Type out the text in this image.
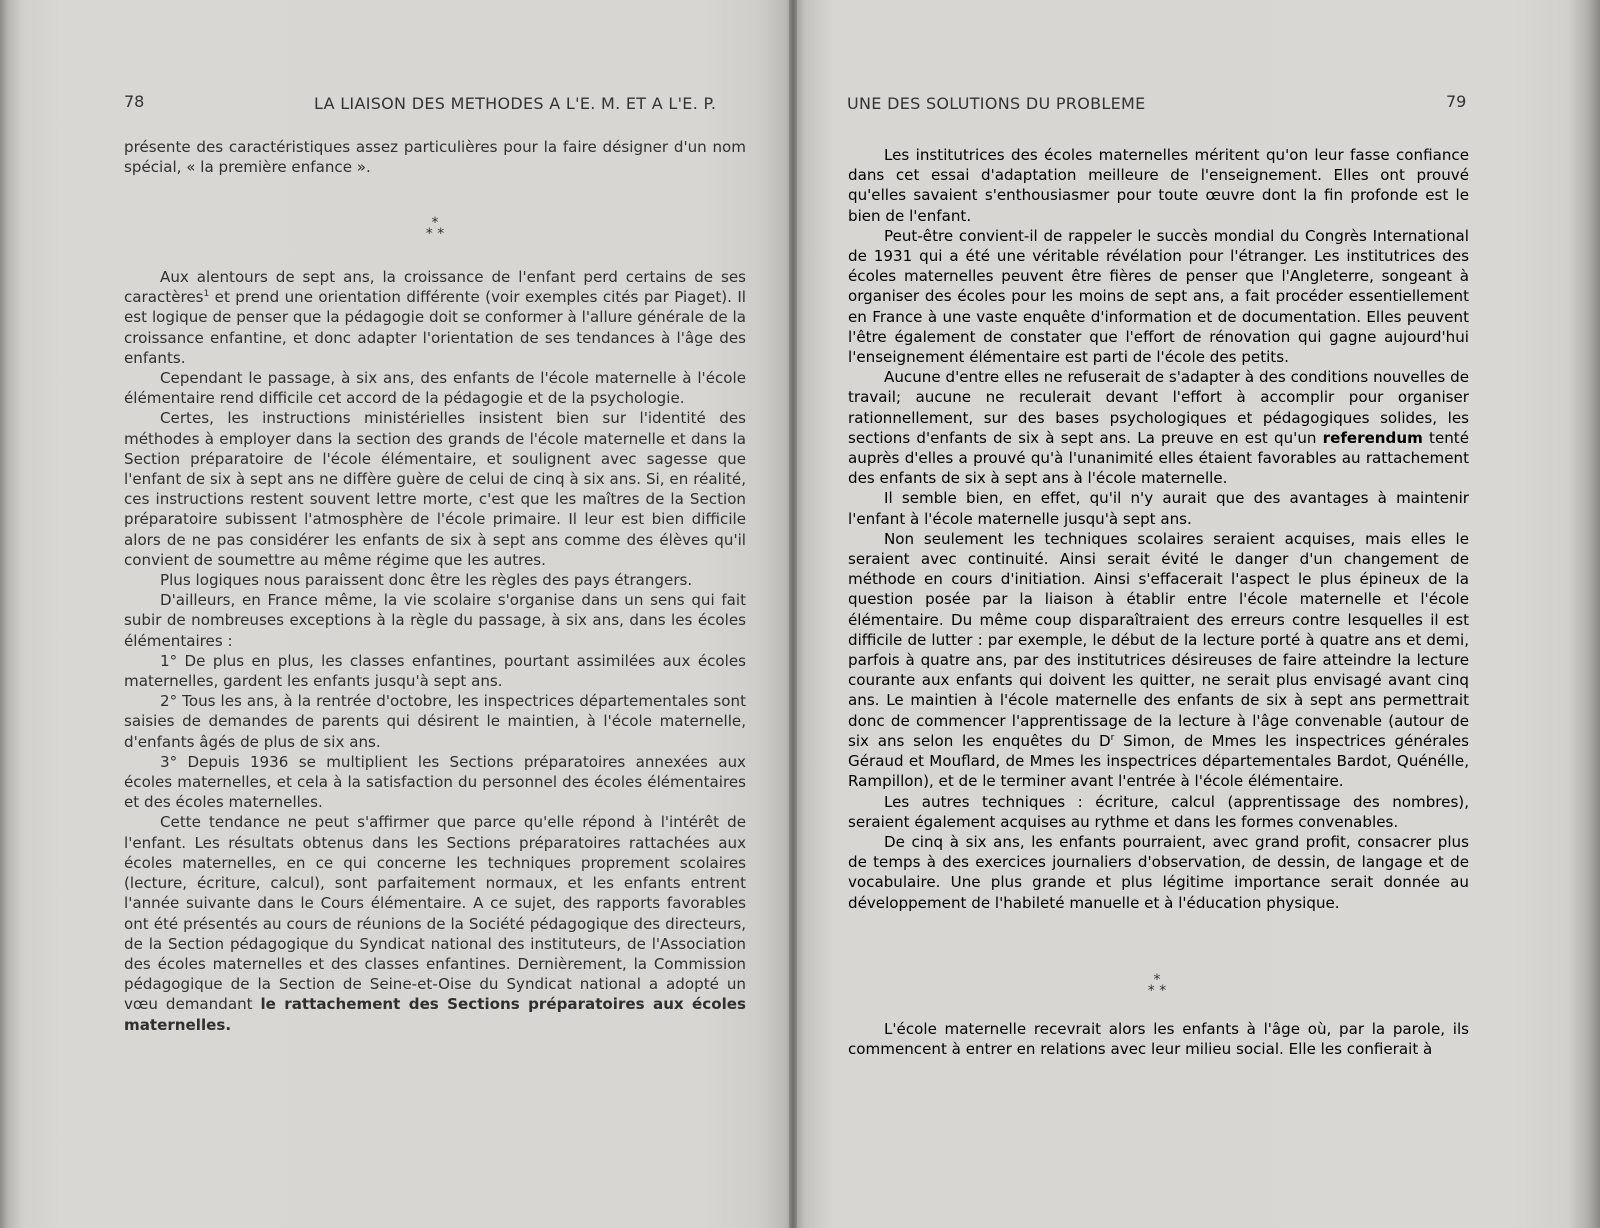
78	LA LIAISON DES METHODES A L'E. M. ET A L'E. P.

présente des caractéristiques assez particulières pour la faire désigner d'un nom spécial, « la première enfance ».

*
* *

Aux alentours de sept ans, la croissance de l'enfant perd certains de ses caractères$^1$ et prend une orientation différente (voir exemples cités par Piaget). Il est logique de penser que la pédagogie doit se conformer à l'allure générale de la croissance enfantine, et donc adapter l'orientation de ses tendances à l'âge des enfants.

Cependant le passage, à six ans, des enfants de l'école maternelle à l'école élémentaire rend difficile cet accord de la pédagogie et de la psychologie.

Certes, les instructions ministérielles insistent bien sur l'identité des méthodes à employer dans la section des grands de l'école maternelle et dans la Section préparatoire de l'école élémentaire, et soulignent avec sagesse que l'enfant de six à sept ans ne diffère guère de celui de cinq à six ans. Si, en réalité, ces instructions restent souvent lettre morte, c'est que les maîtres de la Section préparatoire subissent l'atmosphère de l'école primaire. Il leur est bien difficile alors de ne pas considérer les enfants de six à sept ans comme des élèves qu'il convient de soumettre au même régime que les autres.

Plus logiques nous paraissent donc être les règles des pays étrangers.

D'ailleurs, en France même, la vie scolaire s'organise dans un sens qui fait subir de nombreuses exceptions à la règle du passage, à six ans, dans les écoles élémentaires :

1° De plus en plus, les classes enfantines, pourtant assimilées aux écoles maternelles, gardent les enfants jusqu'à sept ans.

2° Tous les ans, à la rentrée d'octobre, les inspectrices départementales sont saisies de demandes de parents qui désirent le maintien, à l'école maternelle, d'enfants âgés de plus de six ans.

3° Depuis 1936 se multiplient les Sections préparatoires annexées aux écoles maternelles, et cela à la satisfaction du personnel des écoles élémentaires et des écoles maternelles.

Cette tendance ne peut s'affirmer que parce qu'elle répond à l'intérêt de l'enfant. Les résultats obtenus dans les Sections préparatoires rattachées aux écoles maternelles, en ce qui concerne les techniques proprement scolaires (lecture, écriture, calcul), sont parfaitement normaux, et les enfants entrent l'année suivante dans le Cours élémentaire. A ce sujet, des rapports favorables ont été présentés au cours de réunions de la Société pédagogique des directeurs, de la Section pédagogique du Syndicat national des instituteurs, de l'Association des écoles maternelles et des classes enfantines. Dernièrement, la Commission pédagogique de la Section de Seine-et-Oise du Syndicat national a adopté un vœu demandant le rattachement des Sections préparatoires aux écoles maternelles.

UNE DES SOLUTIONS DU PROBLEME	79

Les institutrices des écoles maternelles méritent qu'on leur fasse confiance dans cet essai d'adaptation meilleure de l'enseignement. Elles ont prouvé qu'elles savaient s'enthousiasmer pour toute œuvre dont la fin profonde est le bien de l'enfant.

Peut-être convient-il de rappeler le succès mondial du Congrès International de 1931 qui a été une véritable révélation pour l'étranger. Les institutrices des écoles maternelles peuvent être fières de penser que l'Angleterre, songeant à organiser des écoles pour les moins de sept ans, a fait procéder essentiellement en France à une vaste enquête d'information et de documentation. Elles peuvent l'être également de constater que l'effort de rénovation qui gagne aujourd'hui l'enseignement élémentaire est parti de l'école des petits.

Aucune d'entre elles ne refuserait de s'adapter à des conditions nouvelles de travail; aucune ne reculerait devant l'effort à accomplir pour organiser rationnellement, sur des bases psychologiques et pédagogiques solides, les sections d'enfants de six à sept ans. La preuve en est qu'un referendum tenté auprès d'elles a prouvé qu'à l'unanimité elles étaient favorables au rattachement des enfants de six à sept ans à l'école maternelle.

Il semble bien, en effet, qu'il n'y aurait que des avantages à maintenir l'enfant à l'école maternelle jusqu'à sept ans.

Non seulement les techniques scolaires seraient acquises, mais elles le seraient avec continuité. Ainsi serait évité le danger d'un changement de méthode en cours d'initiation. Ainsi s'effacerait l'aspect le plus épineux de la question posée par la liaison à établir entre l'école maternelle et l'école élémentaire. Du même coup disparaîtraient des erreurs contre lesquelles il est difficile de lutter : par exemple, le début de la lecture porté à quatre ans et demi, parfois à quatre ans, par des institutrices désireuses de faire atteindre la lecture courante aux enfants qui doivent les quitter, ne serait plus envisagé avant cinq ans. Le maintien à l'école maternelle des enfants de six à sept ans permettrait donc de commencer l'apprentissage de la lecture à l'âge convenable (autour de six ans selon les enquêtes du $D^r$ Simon, de Mmes les inspectrices générales Géraud et Mouflard, de Mmes les inspectrices départementales Bardot, Quénélle, Rampillon), et de le terminer avant l'entrée à l'école élémentaire.

Les autres techniques : écriture, calcul (apprentissage des nombres), seraient également acquises au rythme et dans les formes convenables.

De cinq à six ans, les enfants pourraient, avec grand profit, consacrer plus de temps à des exercices journaliers d'observation, de dessin, de langage et de vocabulaire. Une plus grande et plus légitime importance serait donnée au développement de l'habileté manuelle et à l'éducation physique.

*
* *

L'école maternelle recevrait alors les enfants à l'âge où, par la parole, ils commencent à entrer en relations avec leur milieu social. Elle les confierait à
